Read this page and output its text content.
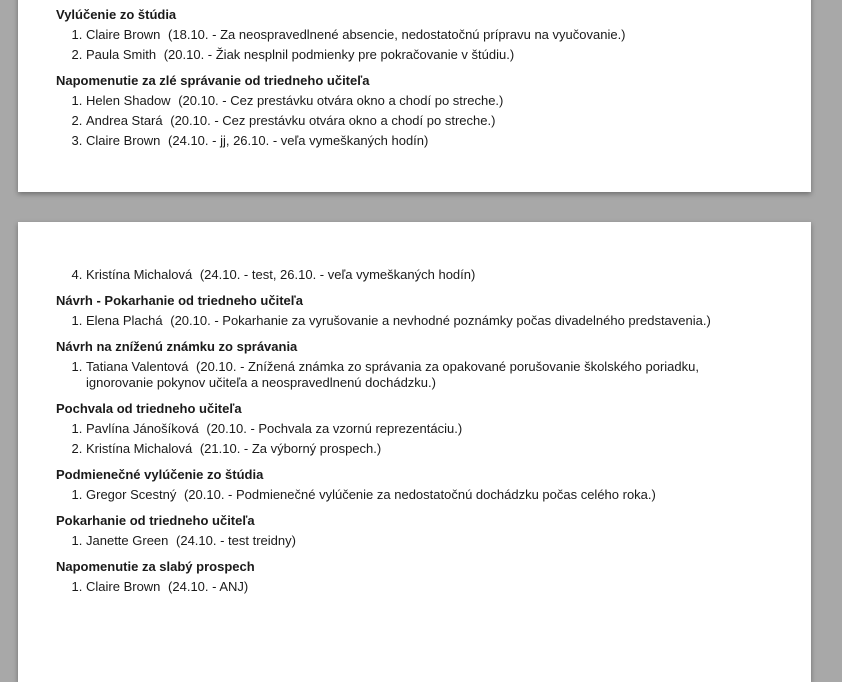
Vylúčenie zo štúdia
1. Claire Brown (18.10. - Za neospravedlnené absencie, nedostatočnú prípravu na vyučovanie.)
2. Paula Smith (20.10. - Žiak nesplnil podmienky pre pokračovanie v štúdiu.)
Napomenutie za zlé správanie od triedneho učiteľa
1. Helen Shadow (20.10. - Cez prestávku otvára okno a chodí po streche.)
2. Andrea Stará (20.10. - Cez prestávku otvára okno a chodí po streche.)
3. Claire Brown (24.10. - jj, 26.10. - veľa vymeškaných hodín)
4. Kristína Michalová (24.10. - test, 26.10. - veľa vymeškaných hodín)
Návrh - Pokarhanie od triedneho učiteľa
1. Elena Plachá (20.10. - Pokarhanie za vyrušovanie a nevhodné poznámky počas divadelného predstavenia.)
Návrh na zníženú známku zo správania
1. Tatiana Valentová (20.10. - Znížená známka zo správania za opakované porušovanie školského poriadku, ignorovanie pokynov učiteľa a neospravedlnenú dochádzku.)
Pochvala od triedneho učiteľa
1. Pavlína Jánošíková (20.10. - Pochvala za vzornú reprezentáciu.)
2. Kristína Michalová (21.10. - Za výborný prospech.)
Podmienečné vylúčenie zo štúdia
1. Gregor Scestný (20.10. - Podmienečné vylúčenie za nedostatočnú dochádzku počas celého roka.)
Pokarhanie od triedneho učiteľa
1. Janette Green (24.10. - test treidny)
Napomenutie za slabý prospech
1. Claire Brown (24.10. - ANJ)
